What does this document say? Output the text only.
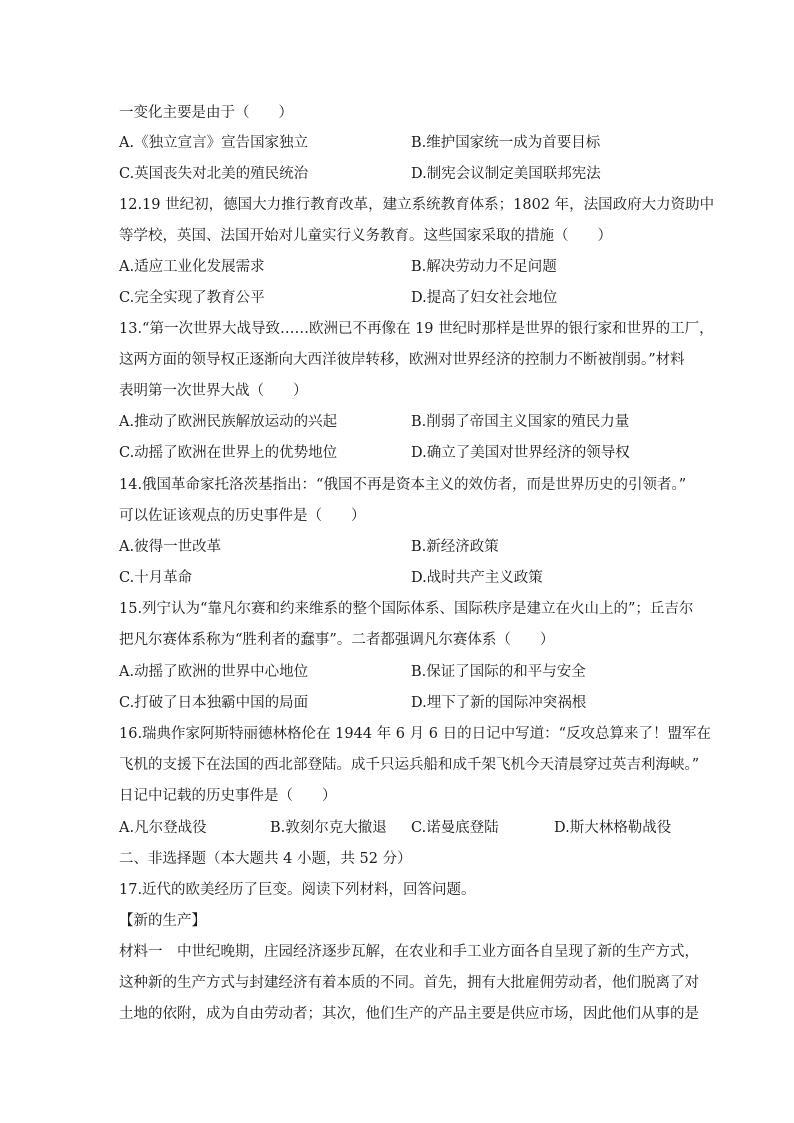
一变化主要是由于（　　）
A.《独立宣言》宣告国家独立	B.维护国家统一成为首要目标
C.英国丧失对北美的殖民统治	D.制宪会议制定美国联邦宪法
12.19 世纪初，德国大力推行教育改革，建立系统教育体系；1802 年，法国政府大力资助中
等学校，英国、法国开始对儿童实行义务教育。这些国家采取的措施（　　）
A.适应工业化发展需求	B.解决劳动力不足问题
C.完全实现了教育公平	D.提高了妇女社会地位
13.“第一次世界大战导致……欧洲已不再像在 19 世纪时那样是世界的银行家和世界的工厂，
这两方面的领导权正逐渐向大西洋彼岸转移，欧洲对世界经济的控制力不断被削弱。”材料
表明第一次世界大战（　　）
A.推动了欧洲民族解放运动的兴起	B.削弱了帝国主义国家的殖民力量
C.动摇了欧洲在世界上的优势地位	D.确立了美国对世界经济的领导权
14.俄国革命家托洛茨基指出：“俄国不再是资本主义的效仿者，而是世界历史的引领者。”
可以佐证该观点的历史事件是（　　）
A.彼得一世改革	B.新经济政策
C.十月革命	D.战时共产主义政策
15.列宁认为“靠凡尔赛和约来维系的整个国际体系、国际秩序是建立在火山上的”；丘吉尔
把凡尔赛体系称为“胜利者的蠢事”。二者都强调凡尔赛体系（　　）
A.动摇了欧洲的世界中心地位	B.保证了国际的和平与安全
C.打破了日本独霸中国的局面	D.埋下了新的国际冲突祸根
16.瑞典作家阿斯特丽德林格伦在 1944 年 6 月 6 日的日记中写道：“反攻总算来了！盟军在
飞机的支援下在法国的西北部登陆。成千只运兵船和成千架飞机今天清晨穿过英吉利海峡。”
日记中记载的历史事件是（　　）
A.凡尔登战役	B.敦刻尔克大撤退 C.诺曼底登陆	D.斯大林格勒战役
二、非选择题（本大题共 4 小题，共 52 分）
17.近代的欧美经历了巨变。阅读下列材料，回答问题。
【新的生产】
材料一　中世纪晚期，庄园经济逐步瓦解，在农业和手工业方面各自呈现了新的生产方式，
这种新的生产方式与封建经济有着本质的不同。首先，拥有大批雇佣劳动者，他们脱离了对
土地的依附，成为自由劳动者；其次，他们生产的产品主要是供应市场，因此他们从事的是
